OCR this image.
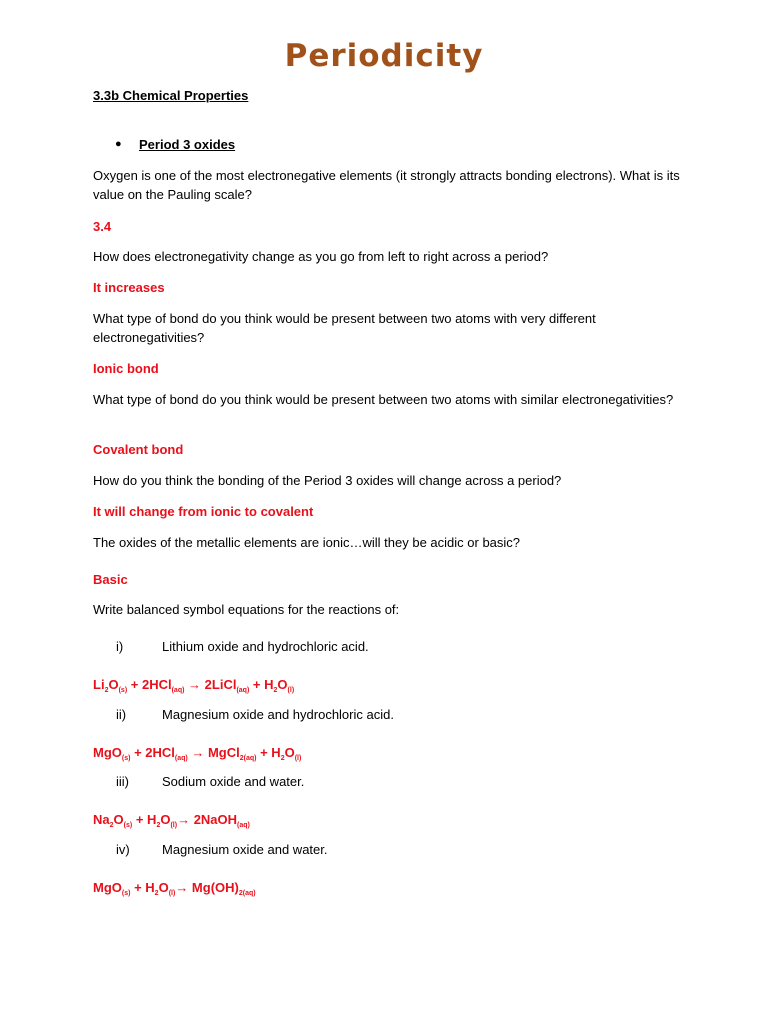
Periodicity
3.3b Chemical Properties
● Period 3 oxides
Oxygen is one of the most electronegative elements (it strongly attracts bonding electrons). What is its value on the Pauling scale?
3.4
How does electronegativity change as you go from left to right across a period?
It increases
What type of bond do you think would be present between two atoms with very different electronegativities?
Ionic bond
What type of bond do you think would be present between two atoms with similar electronegativities?
Covalent bond
How do you think the bonding of the Period 3 oxides will change across a period?
It will change from ionic to covalent
The oxides of the metallic elements are ionic…will they be acidic or basic?
Basic
Write balanced symbol equations for the reactions of:
i)	Lithium oxide and hydrochloric acid.
$Li_2O_{(s)} + 2HCl_{(aq)}$ → 2LiCl$_{(aq)}$ + $H_2O_{(l)}$
ii)	Magnesium oxide and hydrochloric acid.
MgO$_{(s)}$ + 2HCl$_{(aq)}$ → MgCl$_{2(aq)}$ + $H_2O_{(l)}$
iii)	Sodium oxide and water.
$Na_2O_{(s)} + H_2O_{(l)}\to$ 2NaOH$_{(aq)}$
iv) Magnesium oxide and water.
$MgO_{(s)} + H_2O_{(l)}\to Mg(OH)_{2(aq)}$
